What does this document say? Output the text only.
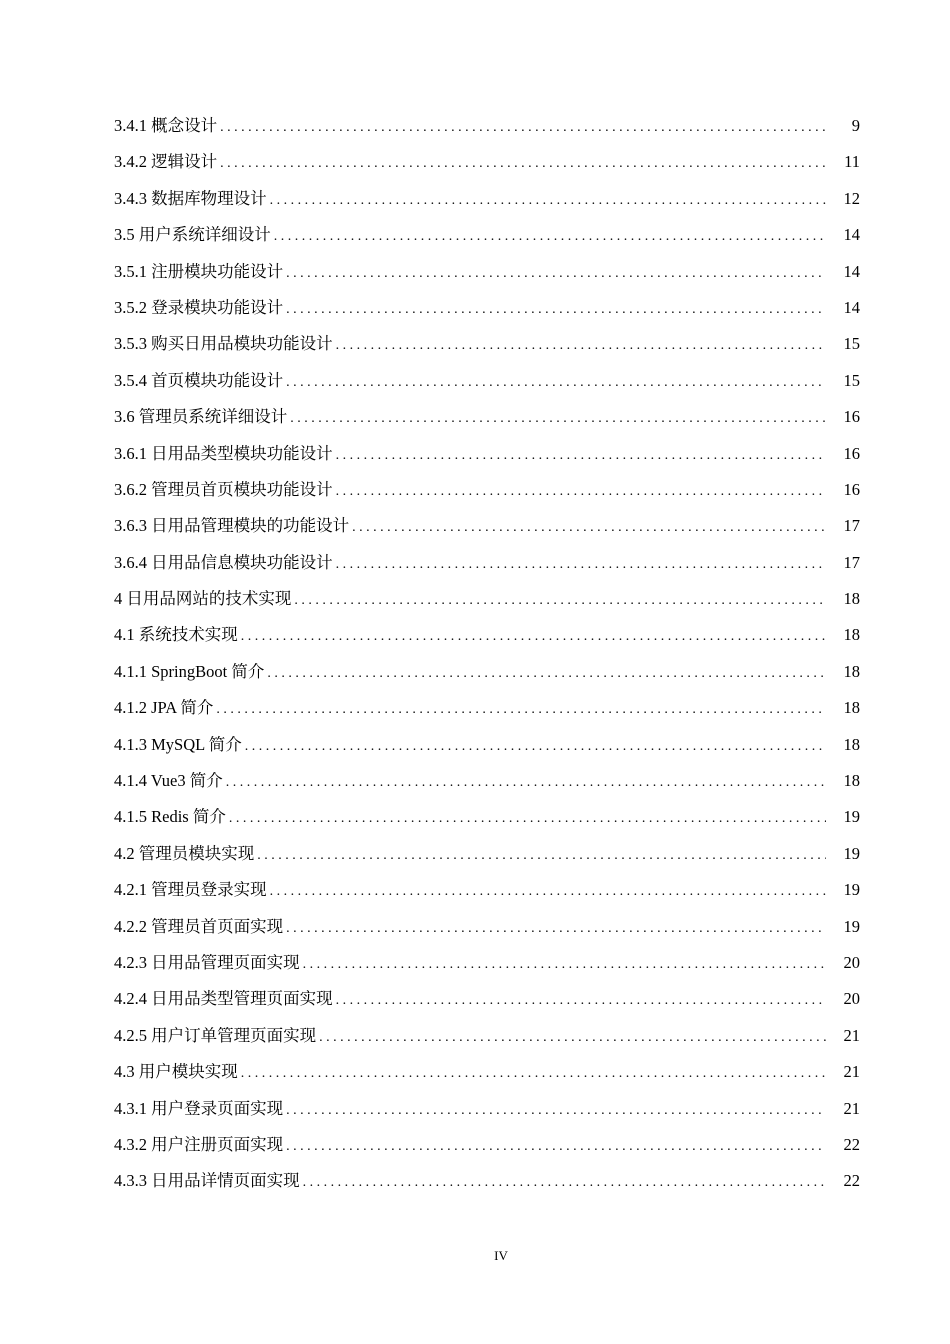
3.4.1 概念设计 . . .	9
3.4.2 逻辑设计 . . .	11
3.4.3 数据库物理设计 . . .	12
3.5 用户系统详细设计 . . .	14
3.5.1 注册模块功能设计 . . .	14
3.5.2 登录模块功能设计 . . .	14
3.5.3 购买日用品模块功能设计 . . .	15
3.5.4 首页模块功能设计 . . .	15
3.6 管理员系统详细设计 . . .	16
3.6.1 日用品类型模块功能设计 . . .	16
3.6.2 管理员首页模块功能设计 . . .	16
3.6.3 日用品管理模块的功能设计 . . .	17
3.6.4 日用品信息模块功能设计 . . .	17
4 日用品网站的技术实现 . . .	18
4.1 系统技术实现 . . .	18
4.1.1 SpringBoot 简介 . . .	18
4.1.2 JPA 简介 . . .	18
4.1.3 MySQL 简介 . . .	18
4.1.4 Vue3 简介 . . .	18
4.1.5 Redis 简介 . . .	19
4.2 管理员模块实现 . . .	19
4.2.1 管理员登录实现 . . .	19
4.2.2 管理员首页面实现 . . .	19
4.2.3 日用品管理页面实现 . . .	20
4.2.4 日用品类型管理页面实现 . . .	20
4.2.5 用户订单管理页面实现 . . .	21
4.3 用户模块实现 . . .	21
4.3.1 用户登录页面实现 . . .	21
4.3.2 用户注册页面实现 . . .	22
4.3.3 日用品详情页面实现 . . .	22
IV
